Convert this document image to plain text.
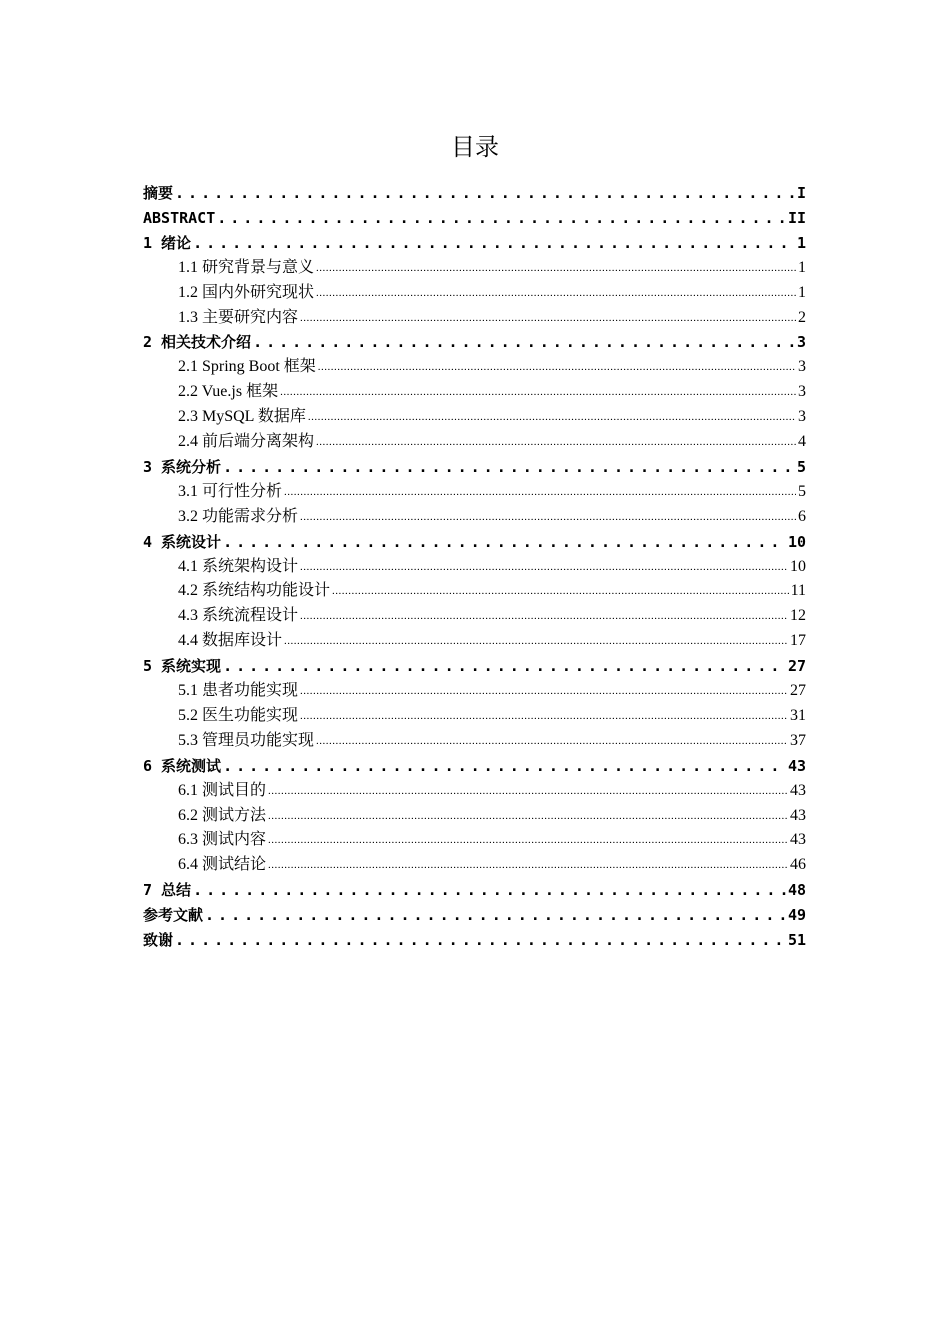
目录
摘要 .....	I
ABSTRACT .....	II
1 绪论 .....	1
1.1 研究背景与意义 .....	1
1.2 国内外研究现状 .....	1
1.3 主要研究内容 .....	2
2 相关技术介绍 .....	3
2.1 Spring Boot 框架 .....	3
2.2 Vue.js 框架 .....	3
2.3 MySQL 数据库 .....	3
2.4 前后端分离架构 .....	4
3 系统分析 .....	5
3.1 可行性分析 .....	5
3.2 功能需求分析 .....	6
4 系统设计 .....	10
4.1 系统架构设计 .....	10
4.2 系统结构功能设计 .....	11
4.3 系统流程设计 .....	12
4.4 数据库设计 .....	17
5 系统实现 .....	27
5.1 患者功能实现 .....	27
5.2 医生功能实现 .....	31
5.3 管理员功能实现 .....	37
6 系统测试 .....	43
6.1 测试目的 .....	43
6.2 测试方法 .....	43
6.3 测试内容 .....	43
6.4 测试结论 .....	46
7 总结 .....	48
参考文献 .....	49
致谢 .....	51
